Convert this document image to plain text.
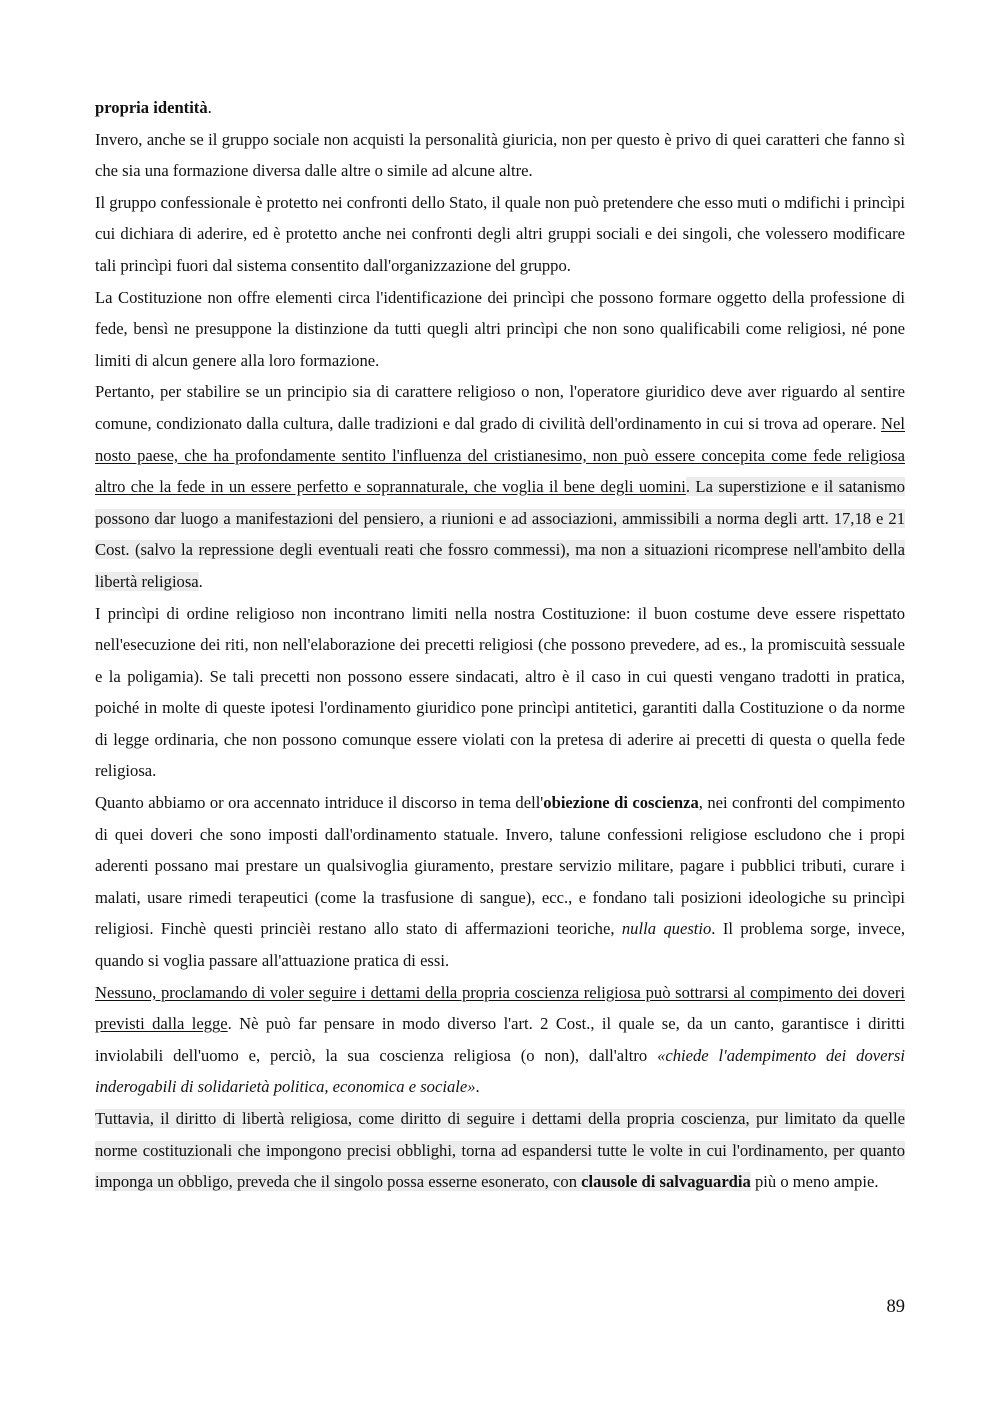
propria identità.

Invero, anche se il gruppo sociale non acquisti la personalità giuricia, non per questo è privo di quei caratteri che fanno sì che sia una formazione diversa dalle altre o simile ad alcune altre.

Il gruppo confessionale è protetto nei confronti dello Stato, il quale non può pretendere che esso muti o mdifichi i princìpi cui dichiara di aderire, ed è protetto anche nei confronti degli altri gruppi sociali e dei singoli, che volessero modificare tali princìpi fuori dal sistema consentito dall'organizzazione del gruppo.

La Costituzione non offre elementi circa l'identificazione dei princìpi che possono formare oggetto della professione di fede, bensì ne presuppone la distinzione da tutti quegli altri princìpi che non sono qualificabili come religiosi, né pone limiti di alcun genere alla loro formazione.

Pertanto, per stabilire se un principio sia di carattere religioso o non, l'operatore giuridico deve aver riguardo al sentire comune, condizionato dalla cultura, dalle tradizioni e dal grado di civilità dell'ordinamento in cui si trova ad operare. Nel nosto paese, che ha profondamente sentito l'influenza del cristianesimo, non può essere concepita come fede religiosa altro che la fede in un essere perfetto e soprannaturale, che voglia il bene degli uomini. La superstizione e il satanismo possono dar luogo a manifestazioni del pensiero, a riunioni e ad associazioni, ammissibili a norma degli artt. 17,18 e 21 Cost. (salvo la repressione degli eventuali reati che fossro commessi), ma non a situazioni ricomprese nell'ambito della libertà religiosa.

I princìpi di ordine religioso non incontrano limiti nella nostra Costituzione: il buon costume deve essere rispettato nell'esecuzione dei riti, non nell'elaborazione dei precetti religiosi (che possono prevedere, ad es., la promiscuità sessuale e la poligamia). Se tali precetti non possono essere sindacati, altro è il caso in cui questi vengano tradotti in pratica, poiché in molte di queste ipotesi l'ordinamento giuridico pone princìpi antitetici, garantiti dalla Costituzione o da norme di legge ordinaria, che non possono comunque essere violati con la pretesa di aderire ai precetti di questa o quella fede religiosa.

Quanto abbiamo or ora accennato intriduce il discorso in tema dell'obiezione di coscienza, nei confronti del compimento di quei doveri che sono imposti dall'ordinamento statuale. Invero, talune confessioni religiose escludono che i propi aderenti possano mai prestare un qualsivoglia giuramento, prestare servizio militare, pagare i pubblici tributi, curare i malati, usare rimedi terapeutici (come la trasfusione di sangue), ecc., e fondano tali posizioni ideologiche su princìpi religiosi. Finchè questi princièi restano allo stato di affermazioni teoriche, nulla questio. Il problema sorge, invece, quando si voglia passare all'attuazione pratica di essi.

Nessuno, proclamando di voler seguire i dettami della propria coscienza religiosa può sottrarsi al compimento dei doveri previsti dalla legge. Nè può far pensare in modo diverso l'art. 2 Cost., il quale se, da un canto, garantisce i diritti inviolabili dell'uomo e, perciò, la sua coscienza religiosa (o non), dall'altro «chiede l'adempimento dei doversi inderogabili di solidarietà politica, economica e sociale».

Tuttavia, il diritto di libertà religiosa, come diritto di seguire i dettami della propria coscienza, pur limitato da quelle norme costituzionali che impongono precisi obblighi, torna ad espandersi tutte le volte in cui l'ordinamento, per quanto imponga un obbligo, preveda che il singolo possa esserne esonerato, con clausole di salvaguardia più o meno ampie.

89
